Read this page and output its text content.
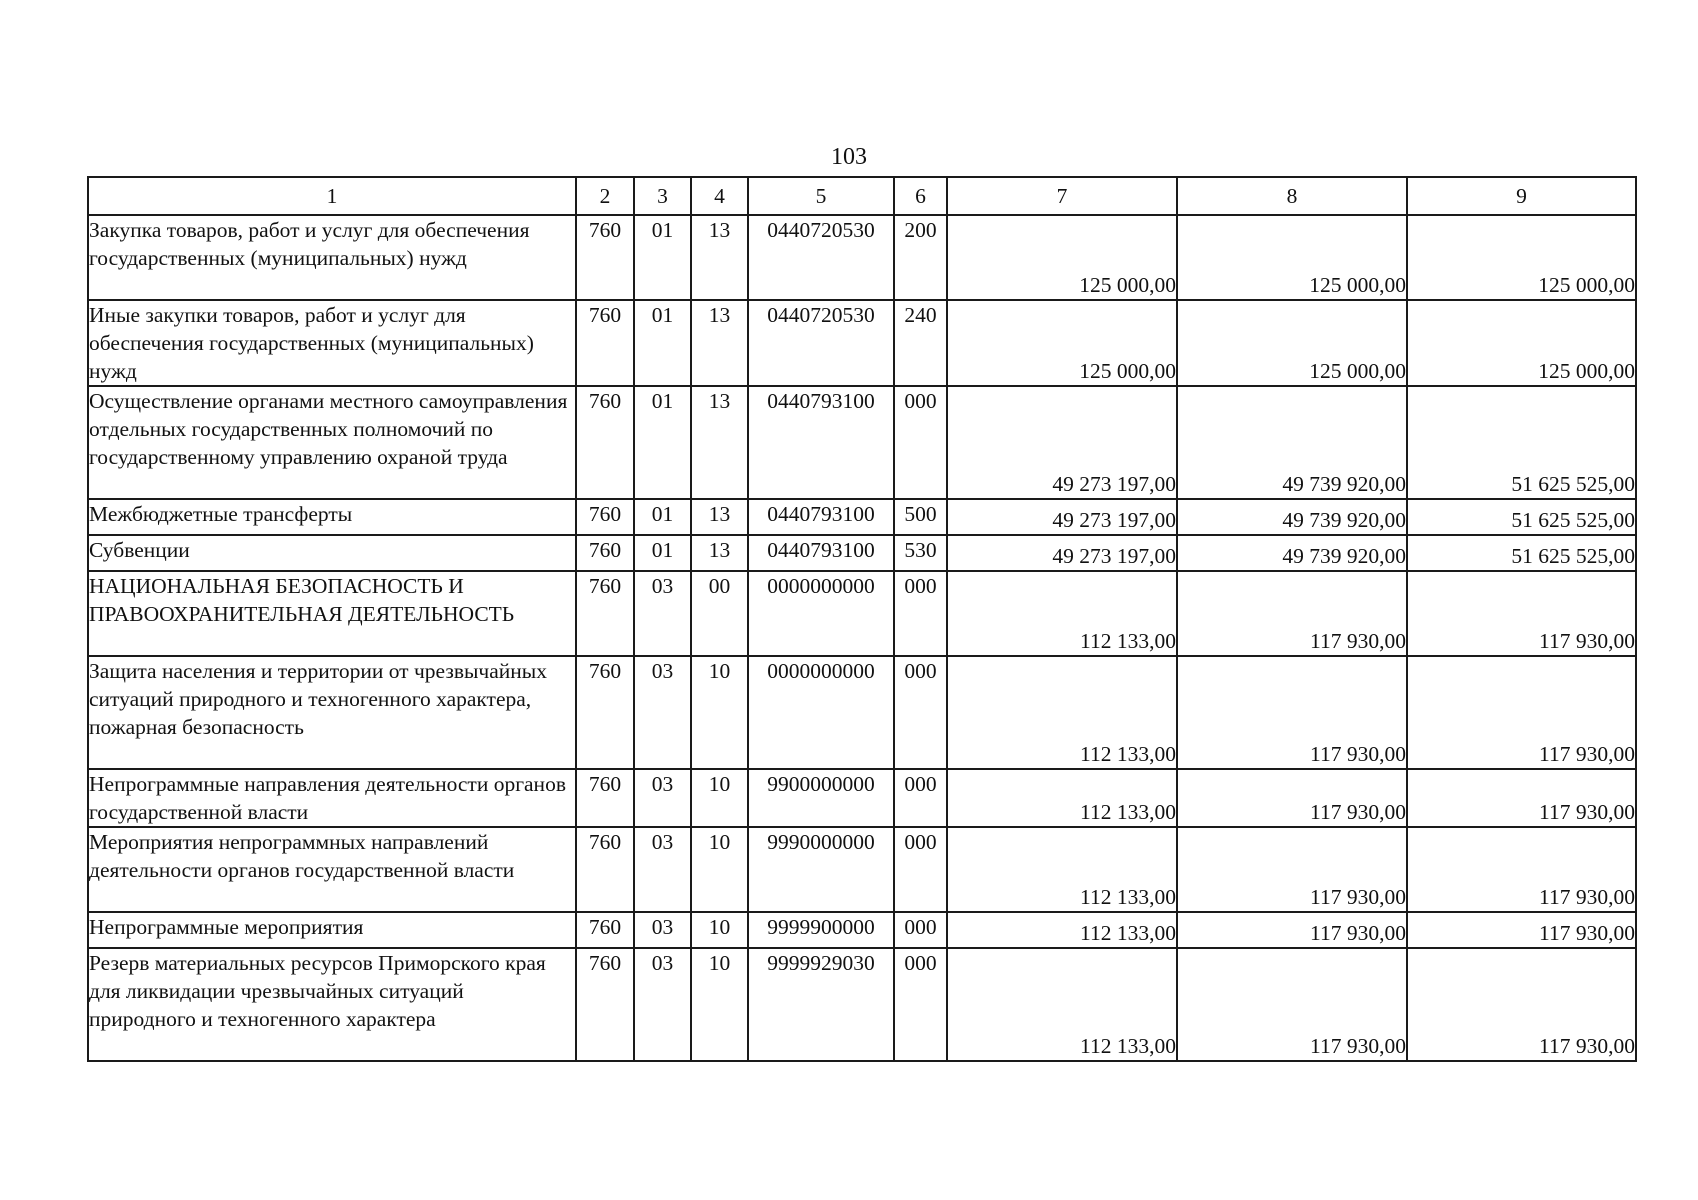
103
1	2	3	4	5	6	7	8	9
Закупка товаров, работ и услуг для обеспечения государственных (муниципальных) нужд	760	01	13	0440720530	200	125 000,00	125 000,00	125 000,00
Иные закупки товаров, работ и услуг для обеспечения государственных (муниципальных) нужд	760	01	13	0440720530	240	125 000,00	125 000,00	125 000,00
Осуществление органами местного самоуправления отдельных государственных полномочий по государственному управлению охраной труда	760	01	13	0440793100	000	49 273 197,00	49 739 920,00	51 625 525,00
Межбюджетные трансферты	760	01	13	0440793100	500	49 273 197,00	49 739 920,00	51 625 525,00
Субвенции	760	01	13	0440793100	530	49 273 197,00	49 739 920,00	51 625 525,00
НАЦИОНАЛЬНАЯ БЕЗОПАСНОСТЬ И ПРАВООХРАНИТЕЛЬНАЯ ДЕЯТЕЛЬНОСТЬ	760	03	00	0000000000	000	112 133,00	117 930,00	117 930,00
Защита населения и территории от чрезвычайных ситуаций природного и техногенного характера, пожарная безопасность	760	03	10	0000000000	000	112 133,00	117 930,00	117 930,00
Непрограммные направления деятельности органов государственной власти	760	03	10	9900000000	000	112 133,00	117 930,00	117 930,00
Мероприятия непрограммных направлений деятельности органов государственной власти	760	03	10	9990000000	000	112 133,00	117 930,00	117 930,00
Непрограммные мероприятия	760	03	10	9999900000	000	112 133,00	117 930,00	117 930,00
Резерв материальных ресурсов Приморского края для ликвидации чрезвычайных ситуаций природного и техногенного характера	760	03	10	9999929030	000	112 133,00	117 930,00	117 930,00
